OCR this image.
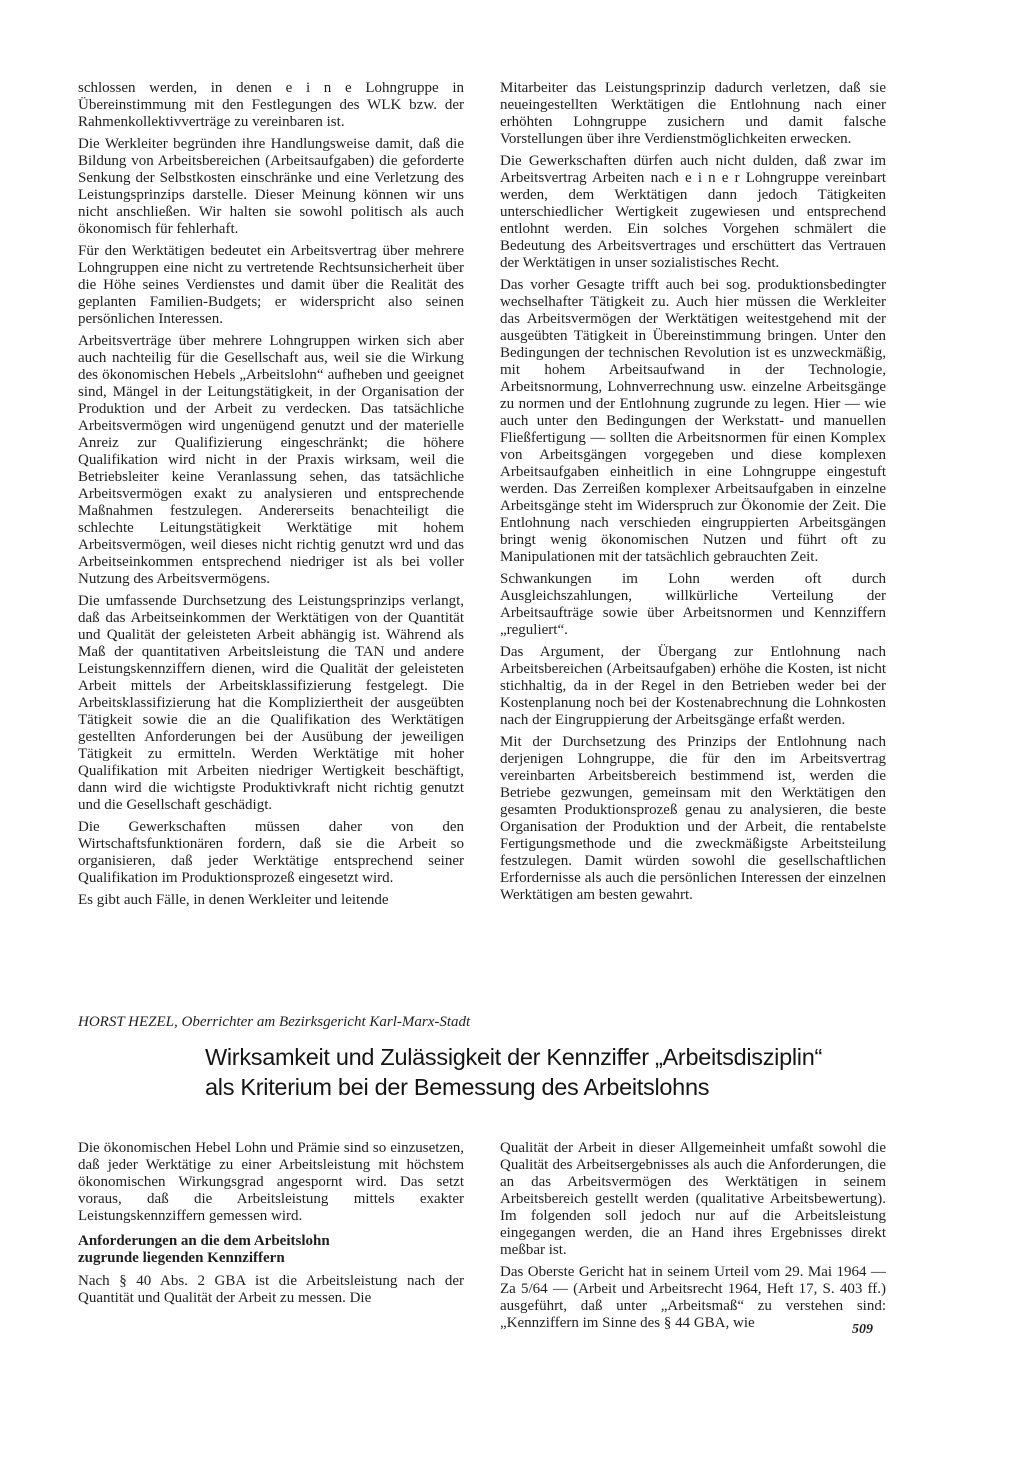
schlossen werden, in denen e i n e Lohngruppe in Übereinstimmung mit den Festlegungen des WLK bzw. der Rahmenkollektivverträge zu vereinbaren ist.

Die Werkleiter begründen ihre Handlungsweise damit, daß die Bildung von Arbeitsbereichen (Arbeitsaufgaben) die geforderte Senkung der Selbstkosten einschränke und eine Verletzung des Leistungsprinzips darstelle. Dieser Meinung können wir uns nicht anschließen. Wir halten sie sowohl politisch als auch ökonomisch für fehlerhaft.

Für den Werktätigen bedeutet ein Arbeitsvertrag über mehrere Lohngruppen eine nicht zu vertretende Rechtsunsicherheit über die Höhe seines Verdienstes und damit über die Realität des geplanten Familien-Budgets; er widerspricht also seinen persönlichen Interessen.

Arbeitsverträge über mehrere Lohngruppen wirken sich aber auch nachteilig für die Gesellschaft aus, weil sie die Wirkung des ökonomischen Hebels „Arbeitslohn“ aufheben und geeignet sind, Mängel in der Leitungstätigkeit, in der Organisation der Produktion und der Arbeit zu verdecken. Das tatsächliche Arbeitsvermögen wird ungenügend genutzt und der materielle Anreiz zur Qualifizierung eingeschränkt; die höhere Qualifikation wird nicht in der Praxis wirksam, weil die Betriebsleiter keine Veranlassung sehen, das tatsächliche Arbeitsvermögen exakt zu analysieren und entsprechende Maßnahmen festzulegen. Andererseits benachteiligt die schlechte Leitungstätigkeit Werktätige mit hohem Arbeitsvermögen, weil dieses nicht richtig genutzt wrd und das Arbeitseinkommen entsprechend niedriger ist als bei voller Nutzung des Arbeitsvermögens.

Die umfassende Durchsetzung des Leistungsprinzips verlangt, daß das Arbeitseinkommen der Werktätigen von der Quantität und Qualität der geleisteten Arbeit abhängig ist. Während als Maß der quantitativen Arbeitsleistung die TAN und andere Leistungskennziffern dienen, wird die Qualität der geleisteten Arbeit mittels der Arbeitsklassifizierung festgelegt. Die Arbeitsklassifizierung hat die Kompliziertheit der ausgeübten Tätigkeit sowie die an die Qualifikation des Werktätigen gestellten Anforderungen bei der Ausübung der jeweiligen Tätigkeit zu ermitteln. Werden Werktätige mit hoher Qualifikation mit Arbeiten niedriger Wertigkeit beschäftigt, dann wird die wichtigste Produktivkraft nicht richtig genutzt und die Gesellschaft geschädigt.

Die Gewerkschaften müssen daher von den Wirtschaftsfunktionären fordern, daß sie die Arbeit so organisieren, daß jeder Werktätige entsprechend seiner Qualifikation im Produktionsprozeß eingesetzt wird.

Es gibt auch Fälle, in denen Werkleiter und leitende

Mitarbeiter das Leistungsprinzip dadurch verletzen, daß sie neueingestellten Werktätigen die Entlohnung nach einer erhöhten Lohngruppe zusichern und damit falsche Vorstellungen über ihre Verdienstmöglichkeiten erwecken.

Die Gewerkschaften dürfen auch nicht dulden, daß zwar im Arbeitsvertrag Arbeiten nach e i n e r Lohngruppe vereinbart werden, dem Werktätigen dann jedoch Tätigkeiten unterschiedlicher Wertigkeit zugewiesen und entsprechend entlohnt werden. Ein solches Vorgehen schmälert die Bedeutung des Arbeitsvertrages und erschüttert das Vertrauen der Werktätigen in unser sozialistisches Recht.

Das vorher Gesagte trifft auch bei sog. produktionsbedingter wechselhafter Tätigkeit zu. Auch hier müssen die Werkleiter das Arbeitsvermögen der Werktätigen weitestgehend mit der ausgeübten Tätigkeit in Übereinstimmung bringen. Unter den Bedingungen der technischen Revolution ist es unzweckmäßig, mit hohem Arbeitsaufwand in der Technologie, Arbeitsnormung, Lohnverrechnung usw. einzelne Arbeitsgänge zu normen und der Entlohnung zugrunde zu legen. Hier — wie auch unter den Bedingungen der Werkstatt- und manuellen Fließfertigung — sollten die Arbeitsnormen für einen Komplex von Arbeitsgängen vorgegeben und diese komplexen Arbeitsaufgaben einheitlich in eine Lohngruppe eingestuft werden. Das Zerreißen komplexer Arbeitsaufgaben in einzelne Arbeitsgänge steht im Widerspruch zur Ökonomie der Zeit. Die Entlohnung nach verschieden eingruppierten Arbeitsgängen bringt wenig ökonomischen Nutzen und führt oft zu Manipulationen mit der tatsächlich gebrauchten Zeit.

Schwankungen im Lohn werden oft durch Ausgleichszahlungen, willkürliche Verteilung der Arbeitsaufträge sowie über Arbeitsnormen und Kennziffern „reguliert“.

Das Argument, der Übergang zur Entlohnung nach Arbeitsbereichen (Arbeitsaufgaben) erhöhe die Kosten, ist nicht stichhaltig, da in der Regel in den Betrieben weder bei der Kostenplanung noch bei der Kostenabrechnung die Lohnkosten nach der Eingruppierung der Arbeitsgänge erfaßt werden.

Mit der Durchsetzung des Prinzips der Entlohnung nach derjenigen Lohngruppe, die für den im Arbeitsvertrag vereinbarten Arbeitsbereich bestimmend ist, werden die Betriebe gezwungen, gemeinsam mit den Werktätigen den gesamten Produktionsprozeß genau zu analysieren, die beste Organisation der Produktion und der Arbeit, die rentabelste Fertigungsmethode und die zweckmäßigste Arbeitsteilung festzulegen. Damit würden sowohl die gesellschaftlichen Erfordernisse als auch die persönlichen Interessen der einzelnen Werktätigen am besten gewahrt.

HORST HEZEL, Oberrichter am Bezirksgericht Karl-Marx-Stadt
Wirksamkeit und Zulässigkeit der Kennziffer „Arbeitsdisziplin“
als Kriterium bei der Bemessung des Arbeitslohns

Die ökonomischen Hebel Lohn und Prämie sind so einzusetzen, daß jeder Werktätige zu einer Arbeitsleistung mit höchstem ökonomischen Wirkungsgrad angespornt wird. Das setzt voraus, daß die Arbeitsleistung mittels exakter Leistungskennziffern gemessen wird.

Anforderungen an die dem Arbeitslohn
zugrunde liegenden Kennziffern

Nach § 40 Abs. 2 GBA ist die Arbeitsleistung nach der Quantität und Qualität der Arbeit zu messen. Die

Qualität der Arbeit in dieser Allgemeinheit umfaßt sowohl die Qualität des Arbeitsergebnisses als auch die Anforderungen, die an das Arbeitsvermögen des Werktätigen in seinem Arbeitsbereich gestellt werden (qualitative Arbeitsbewertung). Im folgenden soll jedoch nur auf die Arbeitsleistung eingegangen werden, die an Hand ihres Ergebnisses direkt meßbar ist.

Das Oberste Gericht hat in seinem Urteil vom 29. Mai 1964 — Za 5/64 — (Arbeit und Arbeitsrecht 1964, Heft 17, S. 403 ff.) ausgeführt, daß unter „Arbeitsmaß“ zu verstehen sind: „Kennziffern im Sinne des § 44 GBA, wie	509
